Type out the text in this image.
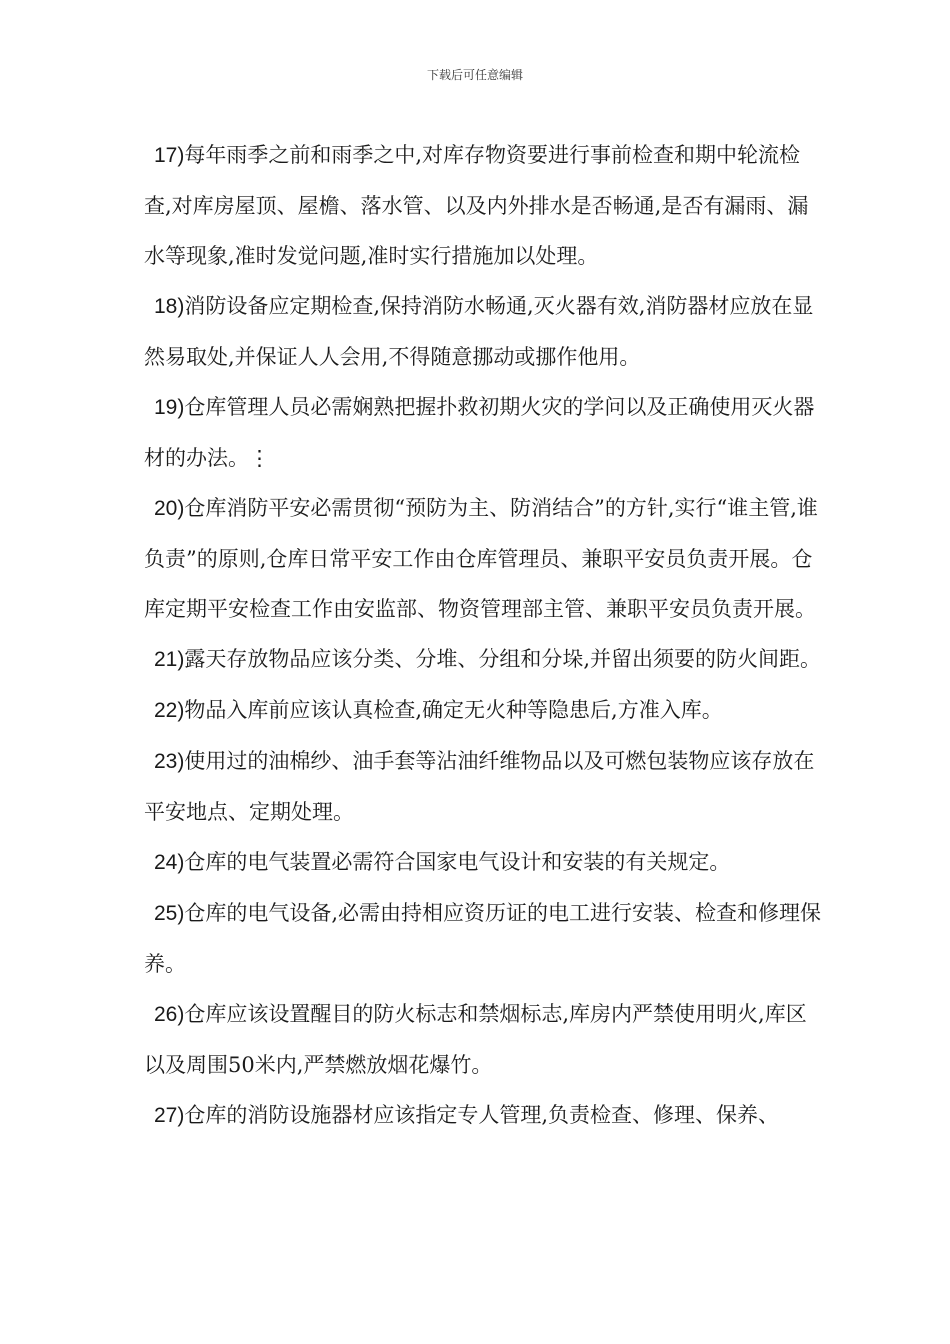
下载后可任意编辑

17)每年雨季之前和雨季之中,对库存物资要进行事前检查和期中轮流检查,对库房屋顶、屋檐、落水管、以及内外排水是否畅通,是否有漏雨、漏水等现象,准时发觉问题,准时实行措施加以处理。

18)消防设备应定期检查,保持消防水畅通,灭火器有效,消防器材应放在显然易取处,并保证人人会用,不得随意挪动或挪作他用。

19)仓库管理人员必需娴熟把握扑救初期火灾的学问以及正确使用灭火器材的办法。⋮

20)仓库消防平安必需贯彻“预防为主、防消结合”的方针,实行“谁主管,谁负责”的原则,仓库日常平安工作由仓库管理员、兼职平安员负责开展。仓库定期平安检查工作由安监部、物资管理部主管、兼职平安员负责开展。

21)露天存放物品应该分类、分堆、分组和分垛,并留出须要的防火间距。

22)物品入库前应该认真检查,确定无火种等隐患后,方准入库。

23)使用过的油棉纱、油手套等沾油纤维物品以及可燃包装物应该存放在平安地点、定期处理。

24)仓库的电气装置必需符合国家电气设计和安装的有关规定。

25)仓库的电气设备,必需由持相应资历证的电工进行安装、检查和修理保养。

26)仓库应该设置醒目的防火标志和禁烟标志,库房内严禁使用明火,库区以及周围50米内,严禁燃放烟花爆竹。

27)仓库的消防设施器材应该指定专人管理,负责检查、修理、保养、
